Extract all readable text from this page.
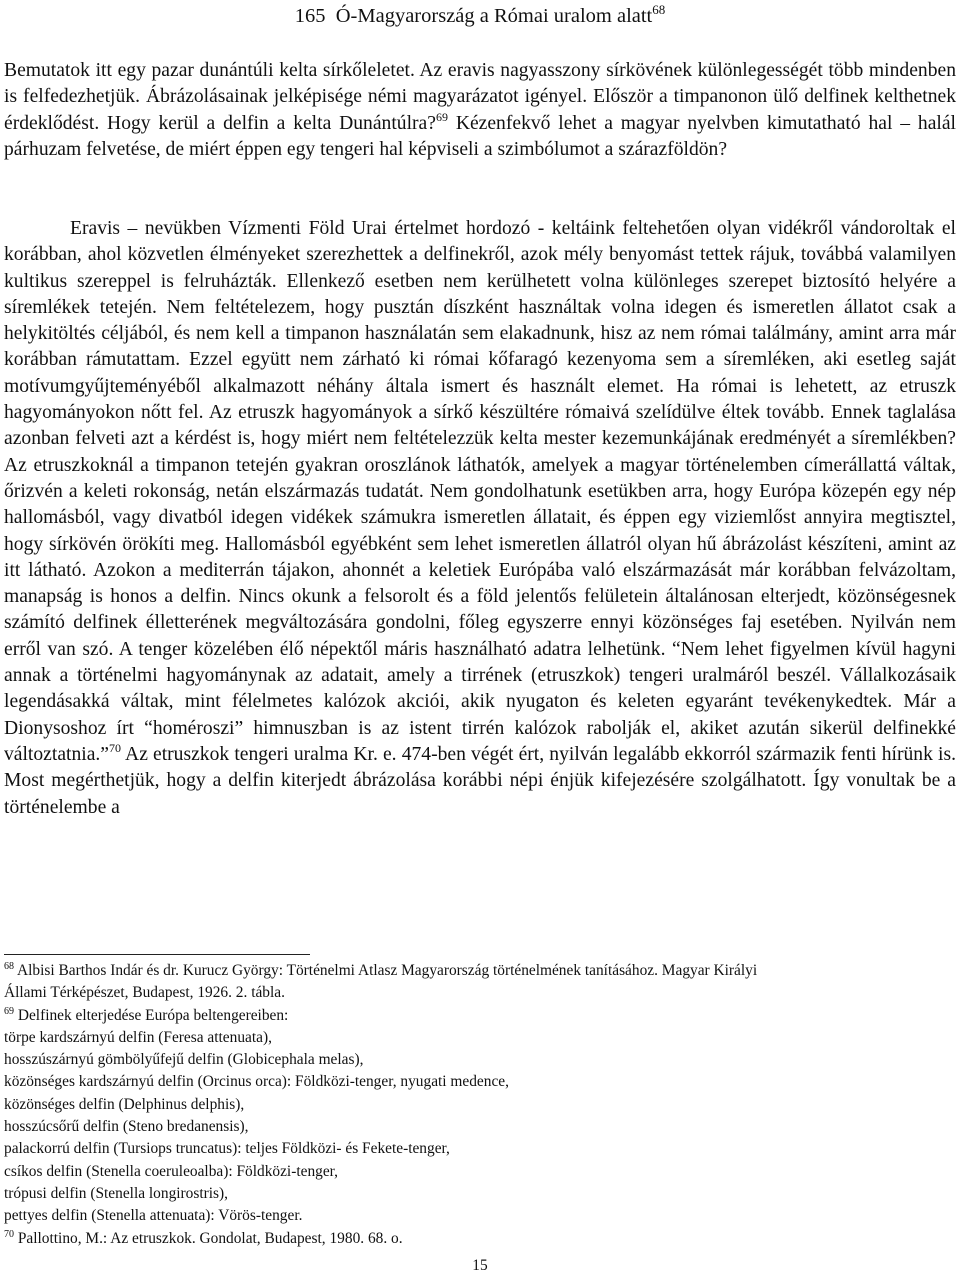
165 Ó-Magyarország a Római uralom alatt$^{68}$
Bemutatok itt egy pazar dunántúli kelta sírkőleletet. Az eravis nagyasszony sírkövének különlegességét több mindenben is felfedezhetjük. Ábrázolásainak jelképisége némi magyarázatot igényel. Először a timpanonon ülő delfinek kelthetnek érdeklődést. Hogy kerül a delfin a kelta Dunántúlra?$^{69}$ Kézenfekvő lehet a magyar nyelvben kimutatható hal – halál párhuzam felvetése, de miért éppen egy tengeri hal képviseli a szimbólumot a szárazföldön?
Eravis – nevükben Vízmenti Föld Urai értelmet hordozó - keltáink feltehetően olyan vidékről vándoroltak el korábban, ahol közvetlen élményeket szerezhettek a delfinekről, azok mély benyomást tettek rájuk, továbbá valamilyen kultikus szereppel is felruházták. Ellenkező esetben nem kerülhetett volna különleges szerepet biztosító helyére a síremlékek tetején. Nem feltételezem, hogy pusztán díszként használtak volna idegen és ismeretlen állatot csak a helykitöltés céljából, és nem kell a timpanon használatán sem elakadnunk, hisz az nem római találmány, amint arra már korábban rámutattam. Ezzel együtt nem zárható ki római kőfaragó kezenyoma sem a síremléken, aki esetleg saját motívumgyűjteményéből alkalmazott néhány általa ismert és használt elemet. Ha római is lehetett, az etruszk hagyományokon nőtt fel. Az etruszk hagyományok a sírkő készültére rómaivá szelídülve éltek tovább. Ennek taglalása azonban felveti azt a kérdést is, hogy miért nem feltételezzük kelta mester kezemunkájának eredményét a síremlékben? Az etruszkoknál a timpanon tetején gyakran oroszlánok láthatók, amelyek a magyar történelemben címerállattá váltak, őrizvén a keleti rokonság, netán elszármazás tudatát. Nem gondolhatunk esetükben arra, hogy Európa közepén egy nép hallomásból, vagy divatból idegen vidékek számukra ismeretlen állatait, és éppen egy viziemlőst annyira megtisztel, hogy sírkövén örökíti meg. Hallomásból egyébként sem lehet ismeretlen állatról olyan hű ábrázolást készíteni, amint az itt látható. Azokon a mediterrán tájakon, ahonnét a keletiek Európába való elszármazását már korábban felvázoltam, manapság is honos a delfin. Nincs okunk a felsorolt és a föld jelentős felületein általánosan elterjedt, közönségesnek számító delfinek élletterének megváltozására gondolni, főleg egyszerre ennyi közönséges faj esetében. Nyilván nem erről van szó. A tenger közelében élő népektől máris használható adatra lelhetünk. “Nem lehet figyelmen kívül hagyni annak a történelmi hagyománynak az adatait, amely a tirrének (etruszkok) tengeri uralmáról beszél. Vállalkozásaik legendásakká váltak, mint félelmetes kalózok akciói, akik nyugaton és keleten egyaránt tevékenykedtek. Már a Dionysoshoz írt “homéroszi” himnuszban is az istent tirrén kalózok rabolják el, akiket azután sikerül delfinekké változtatnia.”$^{70}$ Az etruszkok tengeri uralma Kr. e. 474-ben végét ért, nyilván legalább ekkorról származik fenti hírünk is. Most megérthetjük, hogy a delfin kiterjedt ábrázolása korábbi népi énjük kifejezésére szolgálhatott. Így vonultak be a történelembe a
$^{68}$ Albisi Barthos Indár és dr. Kurucz György: Történelmi Atlasz Magyarország történelmének tanításához. Magyar Királyi
Állami Térképészet, Budapest, 1926. 2. tábla.
$^{69}$ Delfinek elterjedése Európa beltengereiben:
törpe kardszárnyú delfin (Feresa attenuata),
hosszúszárnyú gömbölyűfejű delfin (Globicephala melas),
közönséges kardszárnyú delfin (Orcinus orca): Földközi-tenger, nyugati medence,
közönséges delfin (Delphinus delphis),
hosszúcsőrű delfin (Steno bredanensis),
palackorrú delfin (Tursiops truncatus): teljes Földközi- és Fekete-tenger,
csíkos delfin (Stenella coeruleoalba): Földközi-tenger,
trópusi delfin (Stenella longirostris),
pettyes delfin (Stenella attenuata): Vörös-tenger.
$^{70}$ Pallottino, M.: Az etruszkok. Gondolat, Budapest, 1980. 68. o.
15
